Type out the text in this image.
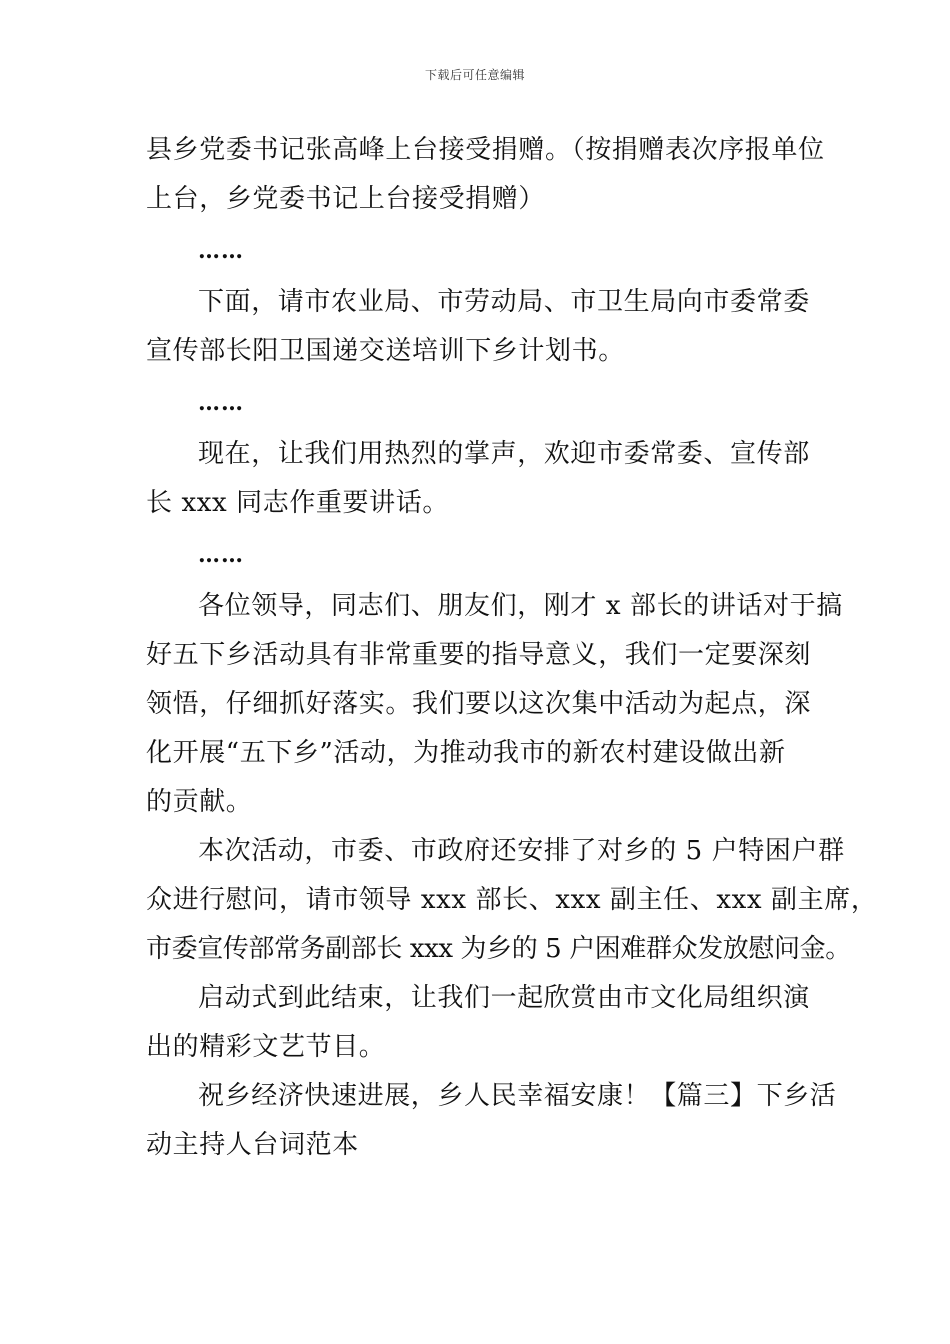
下载后可任意编辑

县乡党委书记张高峰上台接受捐赠。（按捐赠表次序报单位
上台，乡党委书记上台接受捐赠）

……

下面，请市农业局、市劳动局、市卫生局向市委常委
宣传部长阳卫国递交送培训下乡计划书。

……

现在，让我们用热烈的掌声，欢迎市委常委、宣传部
长 xxx 同志作重要讲话。

……

各位领导，同志们、朋友们，刚才 x 部长的讲话对于搞
好五下乡活动具有非常重要的指导意义，我们一定要深刻
领悟，仔细抓好落实。我们要以这次集中活动为起点，深
化开展“五下乡”活动，为推动我市的新农村建设做出新
的贡献。

本次活动，市委、市政府还安排了对乡的 5 户特困户群
众进行慰问，请市领导 xxx 部长、xxx 副主任、xxx 副主席，
市委宣传部常务副部长 xxx 为乡的 5 户困难群众发放慰问金。

启动式到此结束，让我们一起欣赏由市文化局组织演
出的精彩文艺节目。

祝乡经济快速进展，乡人民幸福安康！【篇三】下乡活
动主持人台词范本
